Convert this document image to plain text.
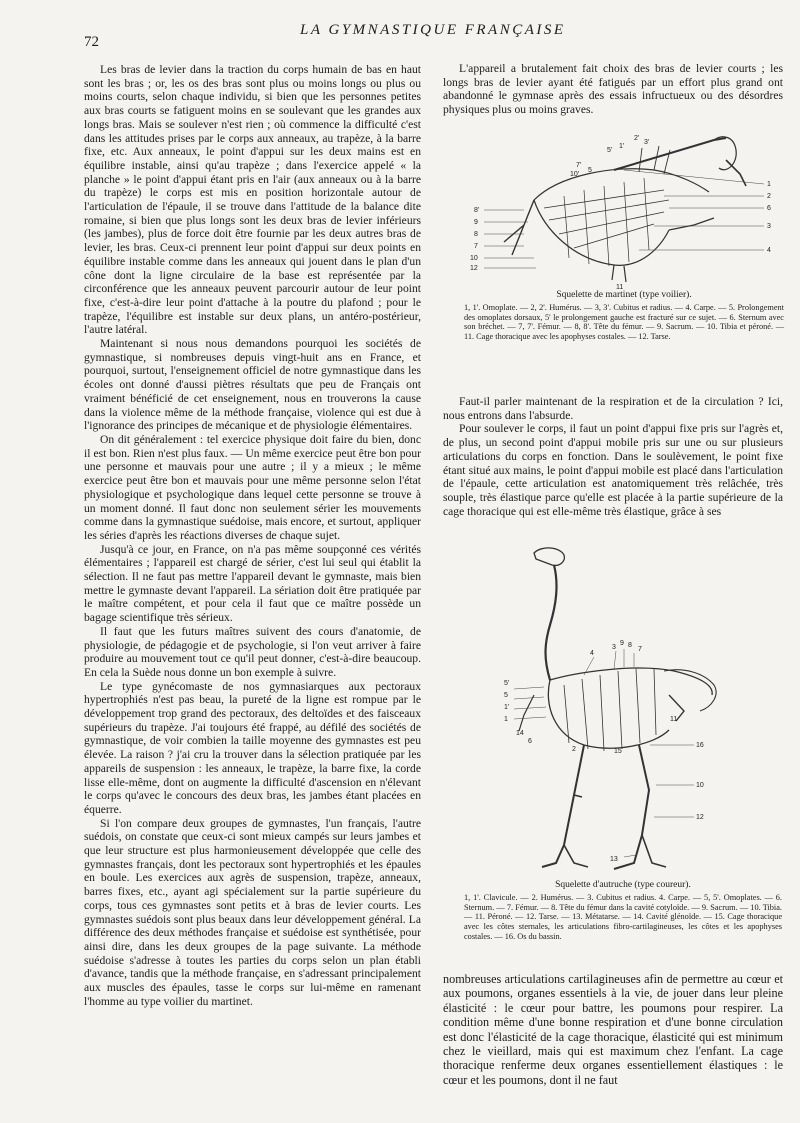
72
LA GYMNASTIQUE FRANÇAISE

Les bras de levier dans la traction du corps humain de bas en haut sont les bras ; or, les os des bras sont plus ou moins longs ou plus ou moins courts, selon chaque individu, si bien que les personnes petites aux bras courts se fatiguent moins en se soulevant que les grandes aux longs bras. Mais se soulever n'est rien ; où commence la difficulté c'est dans les attitudes prises par le corps aux anneaux, au trapèze, à la barre fixe, etc. Aux anneaux, le point d'appui sur les deux mains est en équilibre instable, ainsi qu'au trapèze ; dans l'exercice appelé « la planche » le point d'appui étant pris en l'air (aux anneaux ou à la barre du trapèze) le corps est mis en position horizontale autour de l'articulation de l'épaule, il se trouve dans l'attitude de la balance dite romaine, si bien que plus longs sont les deux bras de levier inférieurs (les jambes), plus de force doit être fournie par les deux autres bras de levier, les bras. Ceux-ci prennent leur point d'appui sur deux points en équilibre instable comme dans les anneaux qui jouent dans le plan d'un cône dont la ligne circulaire de la base est représentée par la circonférence que les anneaux peuvent parcourir autour de leur point fixe, c'est-à-dire leur point d'attache à la poutre du plafond ; pour le trapèze, l'équilibre est instable sur deux plans, un antéro-postérieur, l'autre latéral.

Maintenant si nous nous demandons pourquoi les sociétés de gymnastique, si nombreuses depuis vingt-huit ans en France, et pourquoi, surtout, l'enseignement officiel de notre gymnastique dans les écoles ont donné d'aussi piètres résultats que peu de Français ont vraiment bénéficié de cet enseignement, nous en trouverons la cause dans la violence même de la méthode française, violence qui est due à l'ignorance des principes de mécanique et de physiologie élémentaires.

On dit généralement : tel exercice physique doit faire du bien, donc il est bon. Rien n'est plus faux. — Un même exercice peut être bon pour une personne et mauvais pour une autre ; il y a mieux ; le même exercice peut être bon et mauvais pour une même personne selon l'état physiologique et psychologique dans lequel cette personne se trouve à un moment donné. Il faut donc non seulement sérier les mouvements comme dans la gymnastique suédoise, mais encore, et surtout, appliquer les séries d'après les réactions diverses de chaque sujet.

Jusqu'à ce jour, en France, on n'a pas même soupçonné ces vérités élémentaires ; l'appareil est chargé de sérier, c'est lui seul qui établit la sélection. Il ne faut pas mettre l'appareil devant le gymnaste, mais bien mettre le gymnaste devant l'appareil. La sériation doit être pratiquée par le maître compétent, et pour cela il faut que ce maître possède un bagage scientifique très sérieux.

Il faut que les futurs maîtres suivent des cours d'anatomie, de physiologie, de pédagogie et de psychologie, si l'on veut arriver à faire produire au mouvement tout ce qu'il peut donner, c'est-à-dire beaucoup. En cela la Suède nous donne un bon exemple à suivre.

Le type gynécomaste de nos gymnasiarques aux pectoraux hypertrophiés n'est pas beau, la pureté de la ligne est rompue par le développement trop grand des pectoraux, des deltoïdes et des faisceaux supérieurs du trapèze. J'ai toujours été frappé, au défilé des sociétés de gymnastique, de voir combien la taille moyenne des gymnastes est peu élevée. La raison ? j'ai cru la trouver dans la sélection pratiquée par les appareils de suspension : les anneaux, le trapèze, la barre fixe, la corde lisse elle-même, dont on augmente la difficulté d'ascension en n'élevant le corps qu'avec le concours des deux bras, les jambes étant placées en équerre.

Si l'on compare deux groupes de gymnastes, l'un français, l'autre suédois, on constate que ceux-ci sont mieux campés sur leurs jambes et que leur structure est plus harmonieusement développée que celle des gymnastes français, dont les pectoraux sont hypertrophiés et les épaules en boule. Les exercices aux agrès de suspension, trapèze, anneaux, barres fixes, etc., ayant agi spécialement sur la partie supérieure du corps, tous ces gymnastes sont petits et à bras de levier courts. Les gymnastes suédois sont plus beaux dans leur développement général. La différence des deux méthodes française et suédoise est synthétisée, pour ainsi dire, dans les deux groupes de la page suivante. La méthode suédoise s'adresse à toutes les parties du corps selon un plan établi d'avance, tandis que la méthode française, en s'adressant principalement aux muscles des épaules, tasse le corps sur lui-même en ramenant l'homme au type voilier du martinet.

L'appareil a brutalement fait choix des bras de levier courts ; les longs bras de levier ayant été fatigués par un effort plus grand ont abandonné le gymnase après des essais infructueux ou des désordres physiques plus ou moins graves.

5'
1'
2'
3'
7'
10'
5
8'
9
8
7
10
12
1
2
6
3
4
11

Squelette de martinet (type voilier).

1, 1'. Omoplate. — 2, 2'. Humérus. — 3, 3'. Cubitus et radius. — 4. Carpe. — 5. Prolongement des omoplates dorsaux, 5' le prolongement gauche est fracturé sur ce sujet. — 6. Sternum avec son bréchet. — 7, 7'. Fémur. — 8, 8'. Tête du fémur. — 9. Sacrum. — 10. Tibia et péroné. — 11. Cage thoracique avec les apophyses costales. — 12. Tarse.

Faut-il parler maintenant de la respiration et de la circulation ? Ici, nous entrons dans l'absurde.

Pour soulever le corps, il faut un point d'appui fixe pris sur l'agrès et, de plus, un second point d'appui mobile pris sur une ou sur plusieurs articulations du corps en fonction. Dans le soulèvement, le point fixe étant situé aux mains, le point d'appui mobile est placé dans l'articulation de l'épaule, cette articulation est anatomiquement très relâchée, très souple, très élastique parce qu'elle est placée à la partie supérieure de la cage thoracique qui est elle-même très élastique, grâce à ses

4
3
9 8
7
5'
5
1'
1
14
6
2	15
11
16
10
12
13

Squelette d'autruche (type coureur).

1, 1'. Clavicule. — 2. Humérus. — 3. Cubitus et radius. 4. Carpe. — 5, 5'. Omoplates. — 6. Sternum. — 7. Fémur. — 8. Tête du fémur dans la cavité cotyloïde. — 9. Sacrum. — 10. Tibia. — 11. Péroné. — 12. Tarse. — 13. Métatarse. — 14. Cavité glénoïde. — 15. Cage thoracique avec les côtes sternales, les articulations fibro-cartilagineuses, les côtes et les apophyses costales. — 16. Os du bassin.

nombreuses articulations cartilagineuses afin de permettre au cœur et aux poumons, organes essentiels à la vie, de jouer dans leur pleine élasticité : le cœur pour battre, les poumons pour respirer. La condition même d'une bonne respiration et d'une bonne circulation est donc l'élasticité de la cage thoracique, élasticité qui est minimum chez le vieillard, mais qui est maximum chez l'enfant. La cage thoracique renferme deux organes essentiellement élastiques : le cœur et les poumons, dont il ne faut
